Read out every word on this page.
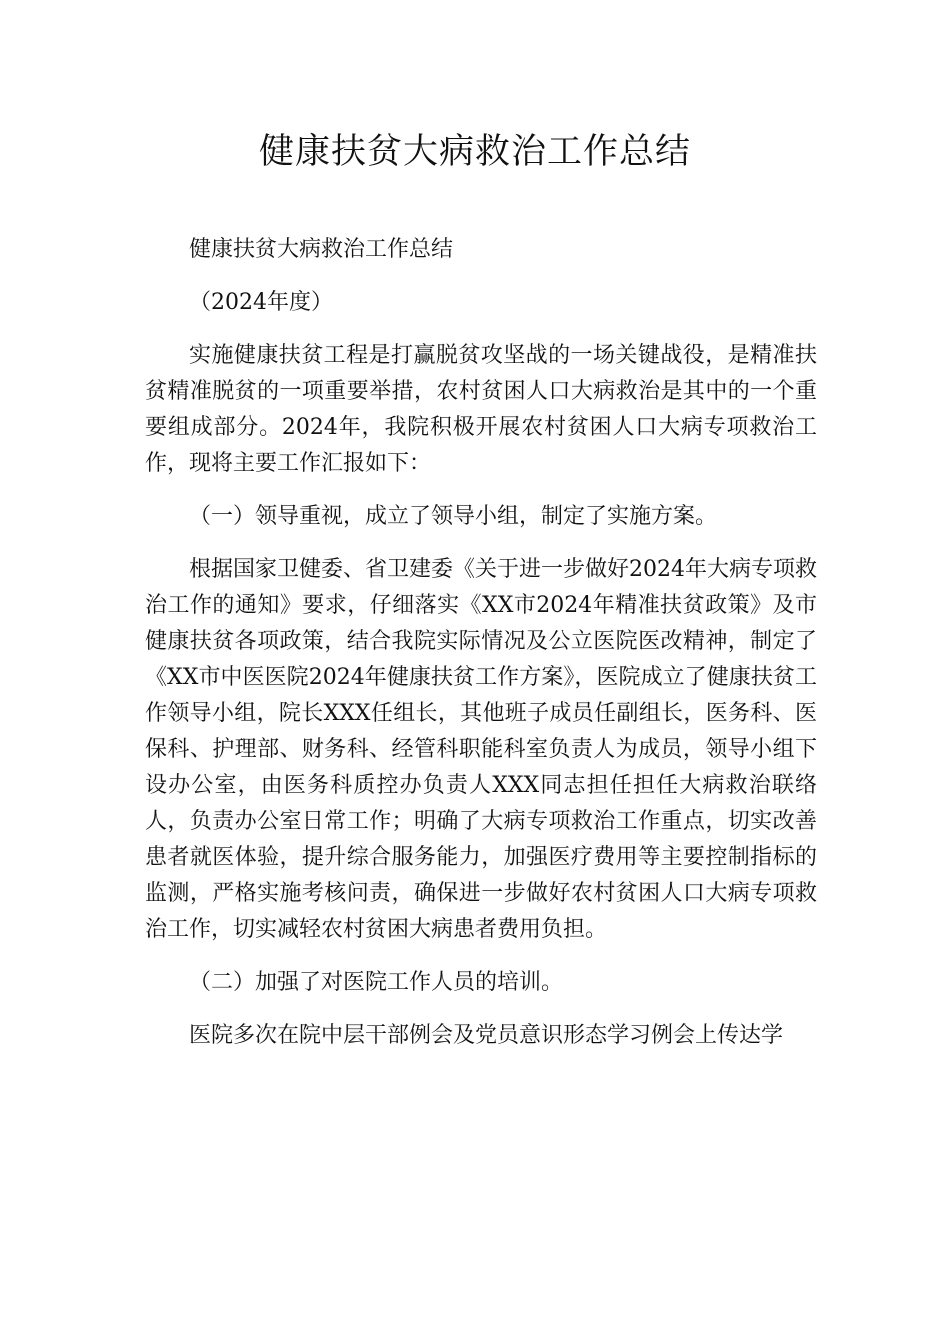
健康扶贫大病救治工作总结

健康扶贫大病救治工作总结

（2024年度）

实施健康扶贫工程是打赢脱贫攻坚战的一场关键战役，是精准扶贫精准脱贫的一项重要举措，农村贫困人口大病救治是其中的一个重要组成部分。2024年，我院积极开展农村贫困人口大病专项救治工作，现将主要工作汇报如下：

（一）领导重视，成立了领导小组，制定了实施方案。

根据国家卫健委、省卫建委《关于进一步做好2024年大病专项救治工作的通知》要求，仔细落实《XX市2024年精准扶贫政策》及市健康扶贫各项政策，结合我院实际情况及公立医院医改精神，制定了《XX市中医医院2024年健康扶贫工作方案》，医院成立了健康扶贫工作领导小组，院长XXX任组长，其他班子成员任副组长，医务科、医保科、护理部、财务科、经管科职能科室负责人为成员，领导小组下设办公室，由医务科质控办负责人XXX同志担任担任大病救治联络人，负责办公室日常工作；明确了大病专项救治工作重点，切实改善患者就医体验，提升综合服务能力，加强医疗费用等主要控制指标的监测，严格实施考核问责，确保进一步做好农村贫困人口大病专项救治工作，切实减轻农村贫困大病患者费用负担。

（二）加强了对医院工作人员的培训。

医院多次在院中层干部例会及党员意识形态学习例会上传达学
